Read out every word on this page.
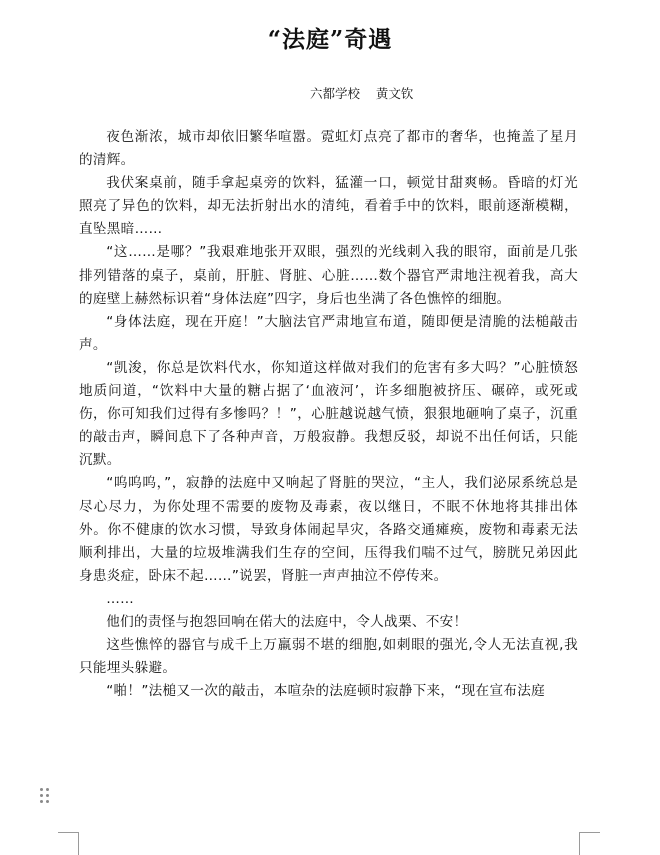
“法庭”奇遇
六都学校    黄文钦

夜色渐浓，城市却依旧繁华喧嚣。霓虹灯点亮了都市的奢华，也掩盖了星月的清辉。

我伏案桌前，随手拿起桌旁的饮料，猛灌一口，顿觉甘甜爽畅。昏暗的灯光照亮了异色的饮料，却无法折射出水的清纯，看着手中的饮料，眼前逐渐模糊，直坠黑暗……

“这……是哪？”我艰难地张开双眼，强烈的光线刺入我的眼帘，面前是几张排列错落的桌子，桌前，肝脏、肾脏、心脏……数个器官严肃地注视着我，高大的庭壁上赫然标识着“身体法庭”四字，身后也坐满了各色憔悴的细胞。

“身体法庭，现在开庭！”大脑法官严肃地宣布道，随即便是清脆的法槌敲击声。

“凯浚，你总是饮料代水，你知道这样做对我们的危害有多大吗？”心脏愤怒地质问道，“饮料中大量的糖占据了‘血液河’，许多细胞被挤压、碾碎，或死或伤，你可知我们过得有多惨吗？！”，心脏越说越气愤，狠狠地砸响了桌子，沉重的敲击声，瞬间息下了各种声音，万般寂静。我想反驳，却说不出任何话，只能沉默。

“呜呜呜，”，寂静的法庭中又响起了肾脏的哭泣，“主人，我们泌尿系统总是尽心尽力，为你处理不需要的废物及毒素，夜以继日，不眠不休地将其排出体外。你不健康的饮水习惯，导致身体闹起旱灾，各路交通瘫痪，废物和毒素无法顺利排出，大量的垃圾堆满我们生存的空间，压得我们喘不过气，膀胱兄弟因此身患炎症，卧床不起……”说罢，肾脏一声声抽泣不停传来。

……

他们的责怪与抱怨回响在偌大的法庭中，令人战栗、不安！

这些憔悴的器官与成千上万羸弱不堪的细胞,如刺眼的强光,令人无法直视,我只能埋头躲避。

“啪！”法槌又一次的敲击，本喧杂的法庭顿时寂静下来，“现在宣布法庭
